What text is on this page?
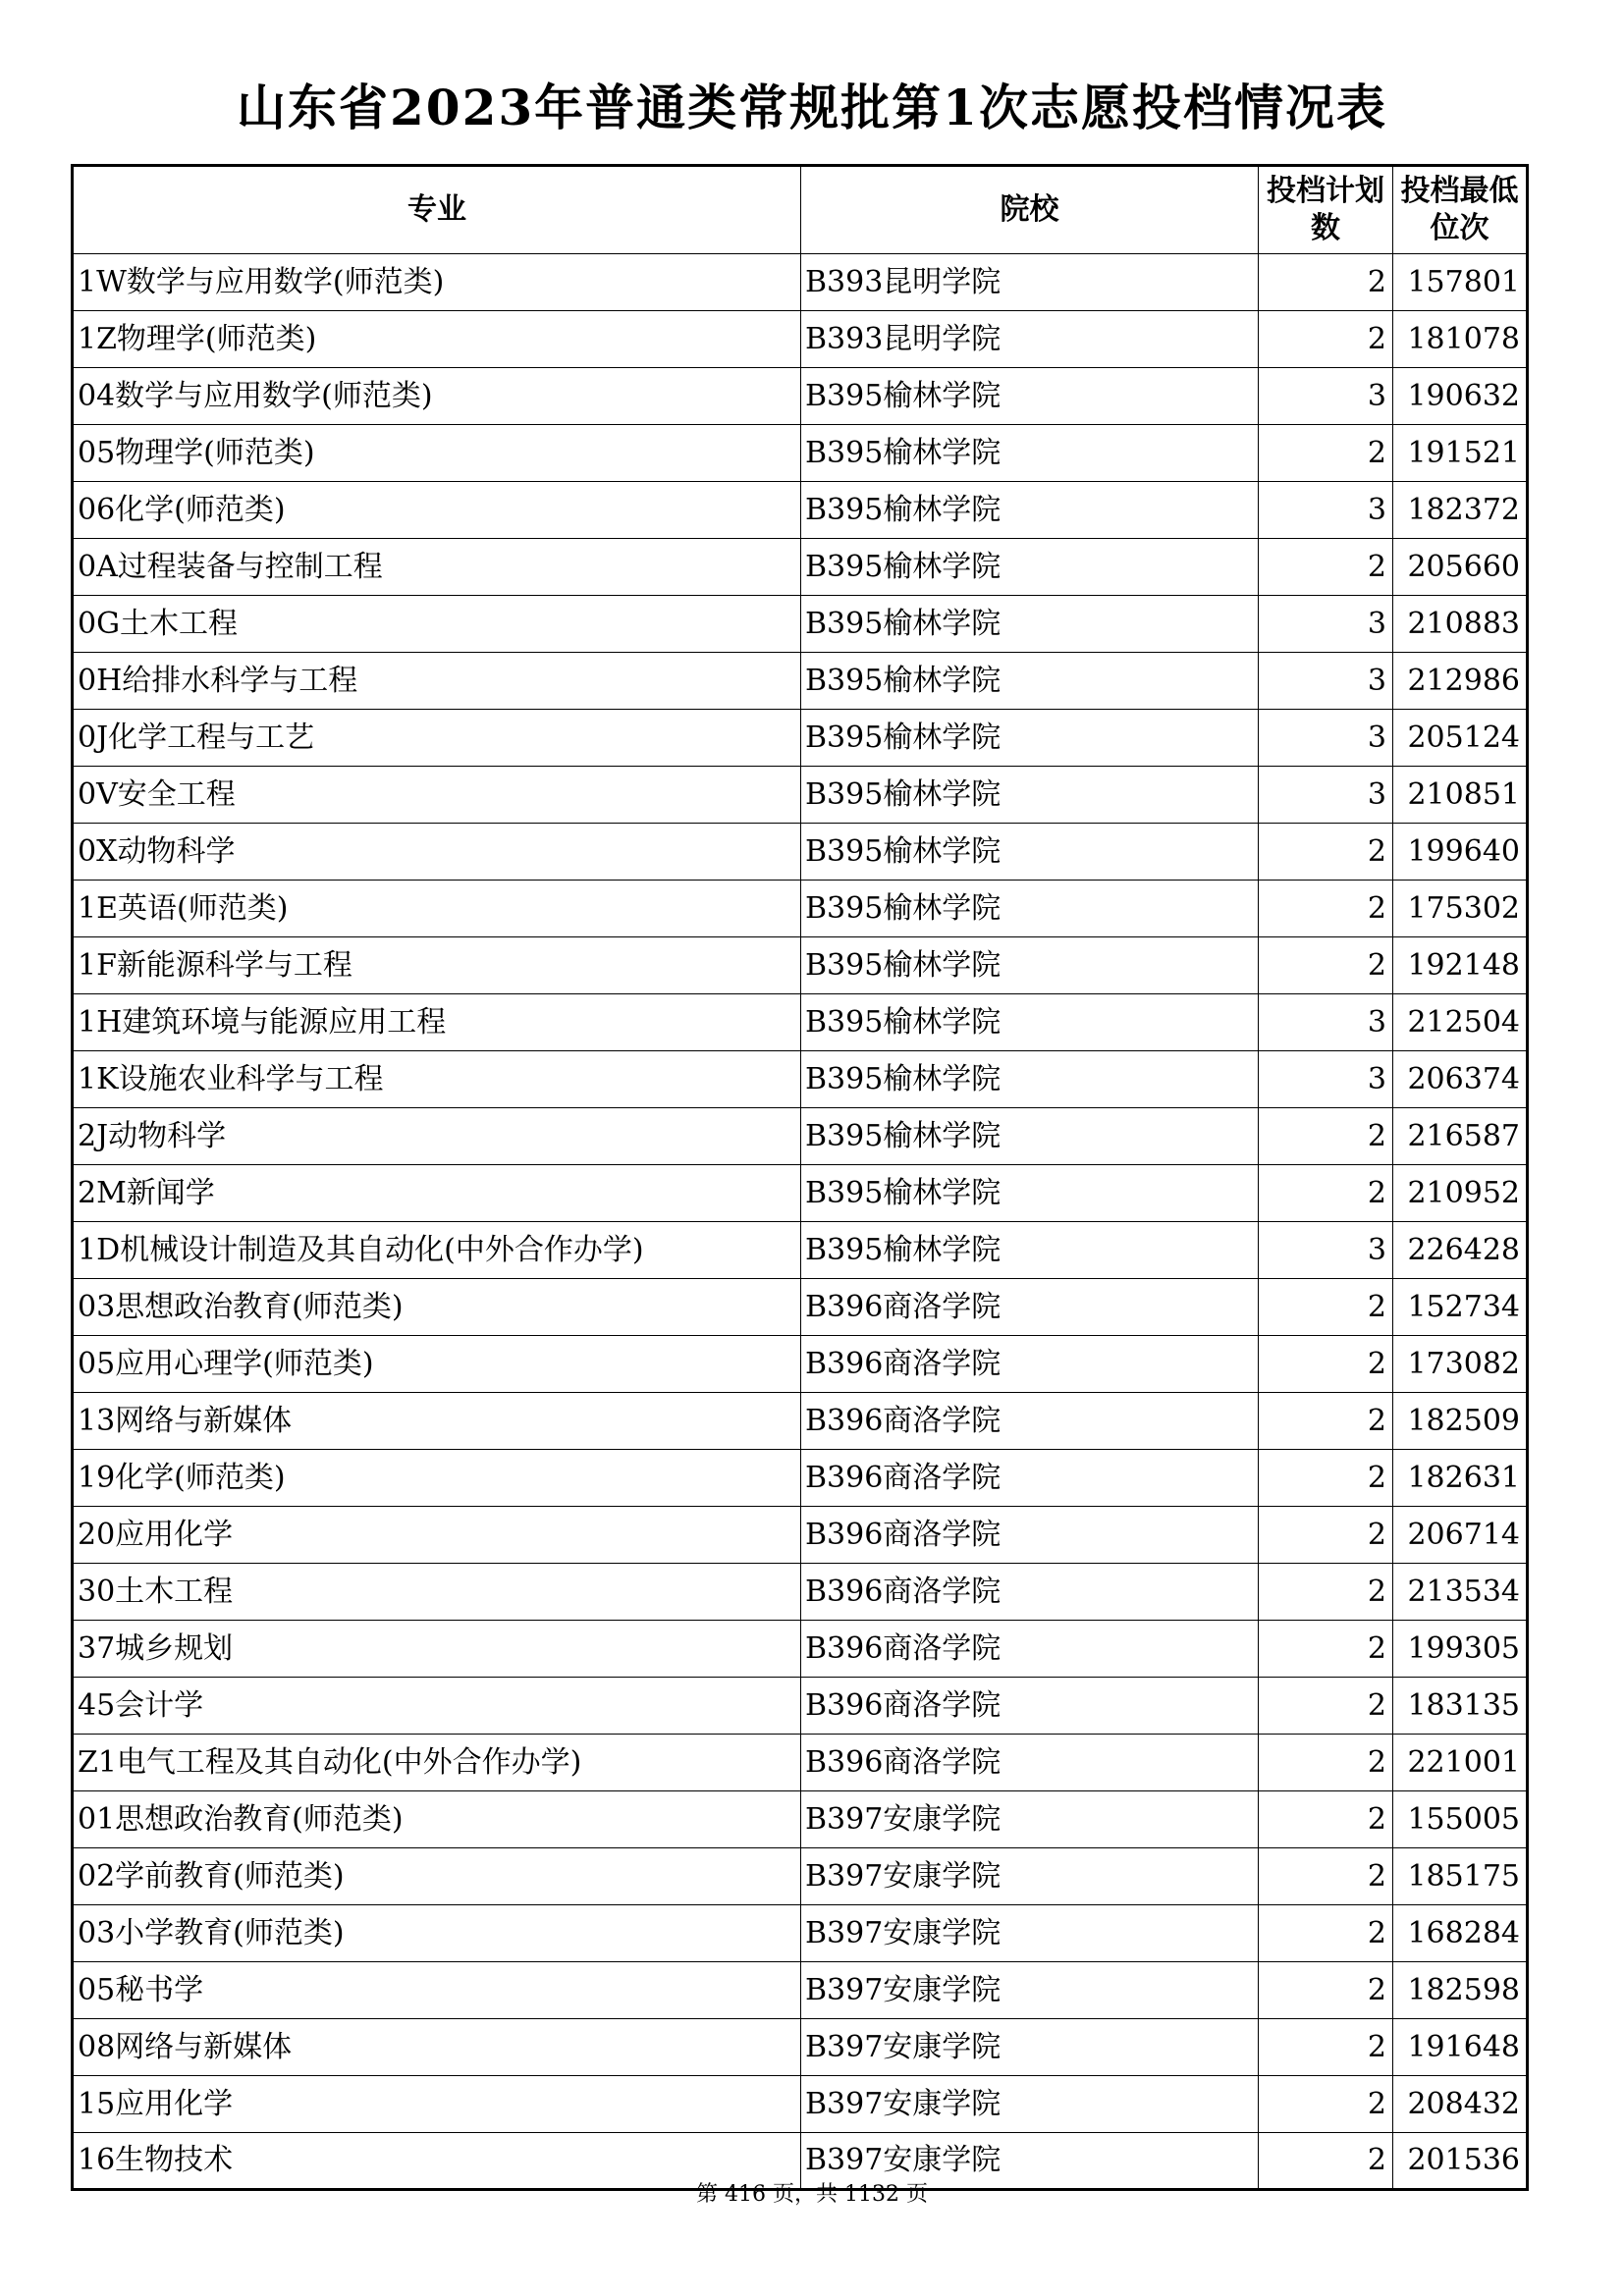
山东省2023年普通类常规批第1次志愿投档情况表
专业	院校	投档计划数	投档最低位次

1W数学与应用数学(师范类)	B393昆明学院	2	157801
1Z物理学(师范类)	B393昆明学院	2	181078
04数学与应用数学(师范类)	B395榆林学院	3	190632
05物理学(师范类)	B395榆林学院	2	191521
06化学(师范类)	B395榆林学院	3	182372
0A过程装备与控制工程	B395榆林学院	2	205660
0G土木工程	B395榆林学院	3	210883
0H给排水科学与工程	B395榆林学院	3	212986
0J化学工程与工艺	B395榆林学院	3	205124
0V安全工程	B395榆林学院	3	210851
0X动物科学	B395榆林学院	2	199640
1E英语(师范类)	B395榆林学院	2	175302
1F新能源科学与工程	B395榆林学院	2	192148
1H建筑环境与能源应用工程	B395榆林学院	3	212504
1K设施农业科学与工程	B395榆林学院	3	206374
2J动物科学	B395榆林学院	2	216587
2M新闻学	B395榆林学院	2	210952
1D机械设计制造及其自动化(中外合作办学)	B395榆林学院	3	226428
03思想政治教育(师范类)	B396商洛学院	2	152734
05应用心理学(师范类)	B396商洛学院	2	173082
13网络与新媒体	B396商洛学院	2	182509
19化学(师范类)	B396商洛学院	2	182631
20应用化学	B396商洛学院	2	206714
30土木工程	B396商洛学院	2	213534
37城乡规划	B396商洛学院	2	199305
45会计学	B396商洛学院	2	183135
Z1电气工程及其自动化(中外合作办学)	B396商洛学院	2	221001
01思想政治教育(师范类)	B397安康学院	2	155005
02学前教育(师范类)	B397安康学院	2	185175
03小学教育(师范类)	B397安康学院	2	168284
05秘书学	B397安康学院	2	182598
08网络与新媒体	B397安康学院	2	191648
15应用化学	B397安康学院	2	208432
16生物技术	B397安康学院	2	201536
第 416 页，共 1132 页
